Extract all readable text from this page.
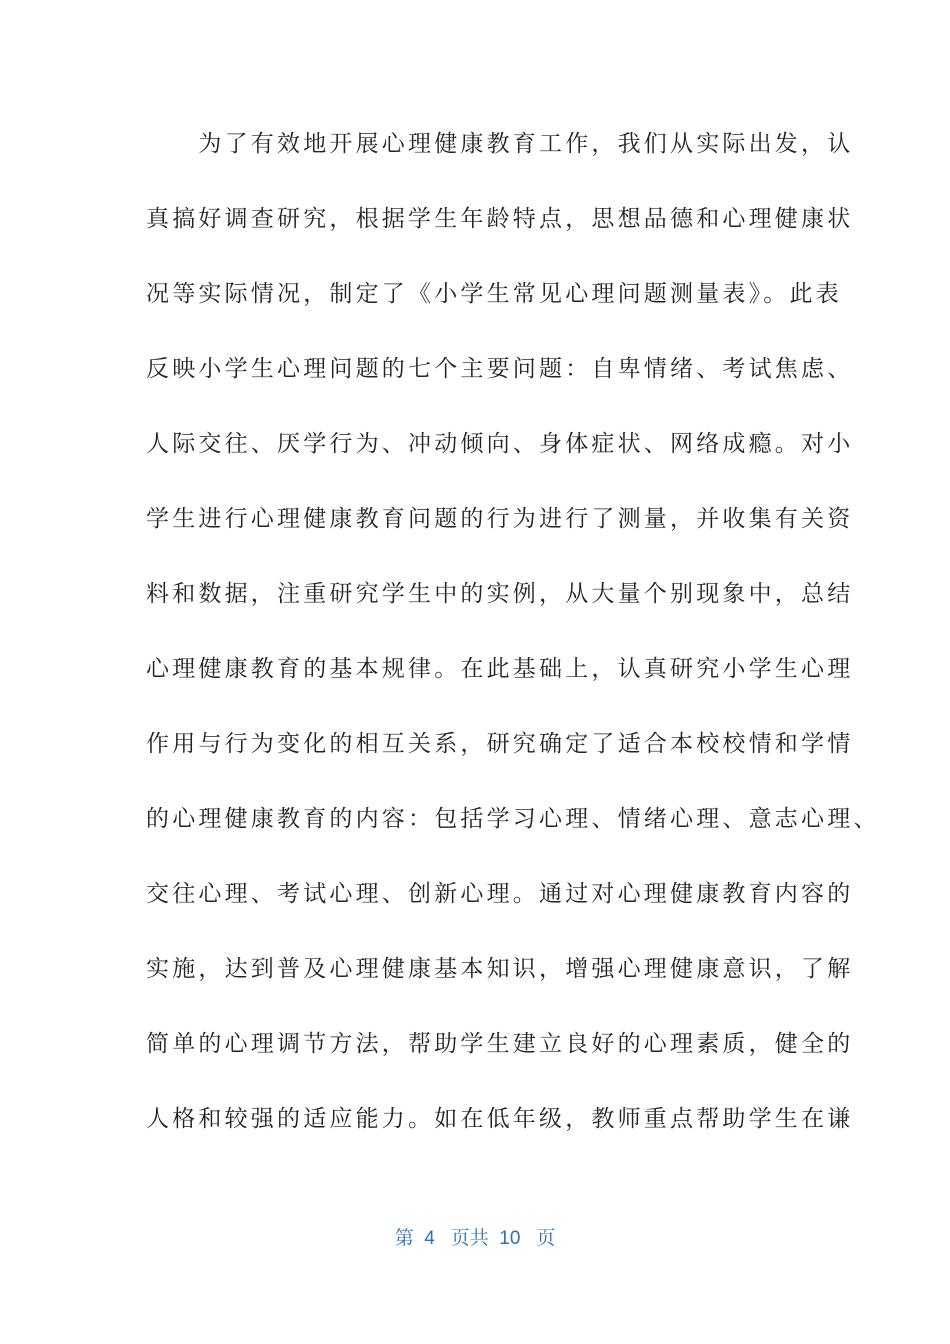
　　为了有效地开展心理健康教育工作，我们从实际出发，认
真搞好调查研究，根据学生年龄特点，思想品德和心理健康状
况等实际情况，制定了《小学生常见心理问题测量表》。此表
反映小学生心理问题的七个主要问题：自卑情绪、考试焦虑、
人际交往、厌学行为、冲动倾向、身体症状、网络成瘾。对小
学生进行心理健康教育问题的行为进行了测量，并收集有关资
料和数据，注重研究学生中的实例，从大量个别现象中，总结
心理健康教育的基本规律。在此基础上，认真研究小学生心理
作用与行为变化的相互关系，研究确定了适合本校校情和学情
的心理健康教育的内容：包括学习心理、情绪心理、意志心理、
交往心理、考试心理、创新心理。通过对心理健康教育内容的
实施，达到普及心理健康基本知识，增强心理健康意识，了解
简单的心理调节方法，帮助学生建立良好的心理素质，健全的
人格和较强的适应能力。如在低年级，教师重点帮助学生在谦
第  4   页共  10   页
